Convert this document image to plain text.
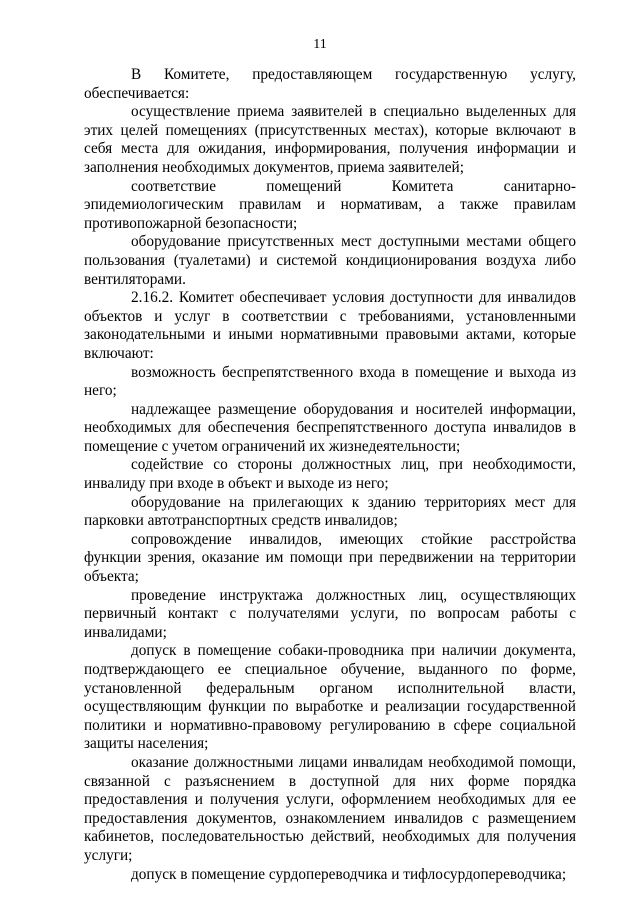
11

В Комитете, предоставляющем государственную услугу, обеспечивается:

осуществление приема заявителей в специально выделенных для этих целей помещениях (присутственных местах), которые включают в себя места для ожидания, информирования, получения информации и заполнения необходимых документов, приема заявителей;

соответствие помещений Комитета санитарно-эпидемиологическим правилам и нормативам, а также правилам противопожарной безопасности;

оборудование присутственных мест доступными местами общего пользования (туалетами) и системой кондиционирования воздуха либо вентиляторами.

2.16.2. Комитет обеспечивает условия доступности для инвалидов объектов и услуг в соответствии с требованиями, установленными законодательными и иными нормативными правовыми актами, которые включают:

возможность беспрепятственного входа в помещение и выхода из него;

надлежащее размещение оборудования и носителей информации, необходимых для обеспечения беспрепятственного доступа инвалидов в помещение с учетом ограничений их жизнедеятельности;

содействие со стороны должностных лиц, при необходимости, инвалиду при входе в объект и выходе из него;

оборудование на прилегающих к зданию территориях мест для парковки автотранспортных средств инвалидов;

сопровождение инвалидов, имеющих стойкие расстройства функции зрения, оказание им помощи при передвижении на территории объекта;

проведение инструктажа должностных лиц, осуществляющих первичный контакт с получателями услуги, по вопросам работы с инвалидами;

допуск в помещение собаки-проводника при наличии документа, подтверждающего ее специальное обучение, выданного по форме, установленной федеральным органом исполнительной власти, осуществляющим функции по выработке и реализации государственной политики и нормативно-правовому регулированию в сфере социальной защиты населения;

оказание должностными лицами инвалидам необходимой помощи, связанной с разъяснением в доступной для них форме порядка предоставления и получения услуги, оформлением необходимых для ее предоставления документов, ознакомлением инвалидов с размещением кабинетов, последовательностью действий, необходимых для получения услуги;

допуск в помещение сурдопереводчика и тифлосурдопереводчика;
